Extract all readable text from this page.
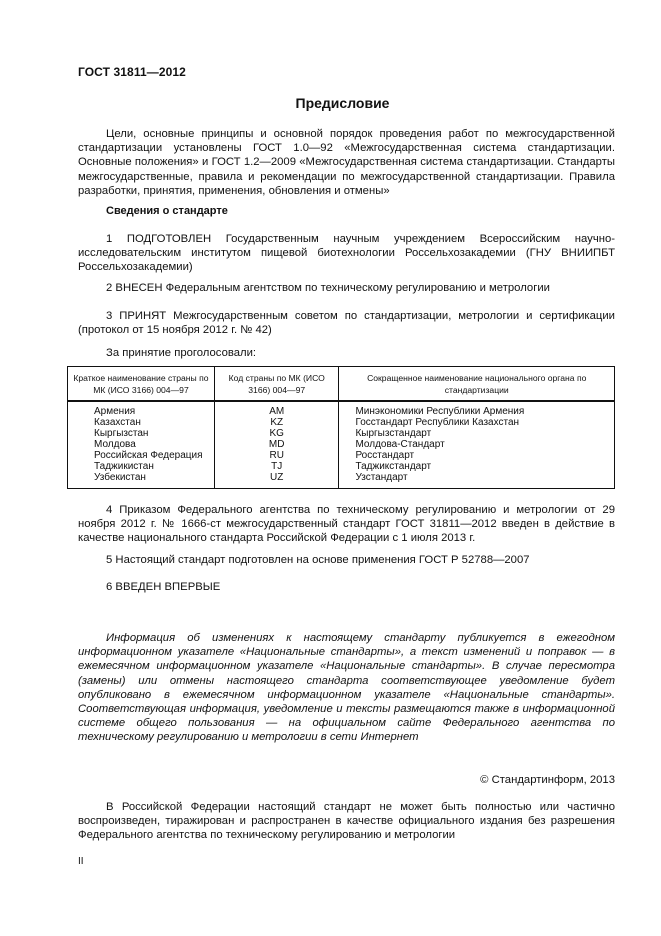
ГОСТ 31811—2012
Предисловие
Цели, основные принципы и основной порядок проведения работ по межгосударственной стандартизации установлены ГОСТ 1.0—92 «Межгосударственная система стандартизации. Основные положения» и ГОСТ 1.2—2009 «Межгосударственная система стандартизации. Стандарты межгосударственные, правила и рекомендации по межгосударственной стандартизации. Правила разработки, принятия, применения, обновления и отмены»
Сведения о стандарте
1 ПОДГОТОВЛЕН Государственным научным учреждением Всероссийским научно-исследовательским институтом пищевой биотехнологии Россельхозакадемии (ГНУ ВНИИПБТ Россельхозакадемии)
2 ВНЕСЕН Федеральным агентством по техническому регулированию и метрологии
3 ПРИНЯТ Межгосударственным советом по стандартизации, метрологии и сертификации (протокол от 15 ноября 2012 г. № 42)
За принятие проголосовали:
Краткое наименование страны по МК (ИСО 3166) 004—97	Код страны по МК (ИСО 3166) 004—97	Сокращенное наименование национального органа по стандартизации
Армения	AM	Минэкономики Республики Армения
Казахстан	KZ	Госстандарт Республики Казахстан
Кыргызстан	KG	Кыргызстандарт
Молдова	MD	Молдова-Стандарт
Российская Федерация	RU	Росстандарт
Таджикистан	TJ	Таджикстандарт
Узбекистан	UZ	Узстандарт
4 Приказом Федерального агентства по техническому регулированию и метрологии от 29 ноября 2012 г. № 1666-ст межгосударственный стандарт ГОСТ 31811—2012 введен в действие в качестве национального стандарта Российской Федерации с 1 июля 2013 г.
5 Настоящий стандарт подготовлен на основе применения ГОСТ Р 52788—2007
6 ВВЕДЕН ВПЕРВЫЕ
Информация об изменениях к настоящему стандарту публикуется в ежегодном информационном указателе «Национальные стандарты», а текст изменений и поправок — в ежемесячном информационном указателе «Национальные стандарты». В случае пересмотра (замены) или отмены настоящего стандарта соответствующее уведомление будет опубликовано в ежемесячном информационном указателе «Национальные стандарты». Соответствующая информация, уведомление и тексты размещаются также в информационной системе общего пользования — на официальном сайте Федерального агентства по техническому регулированию и метрологии в сети Интернет
© Стандартинформ, 2013
В Российской Федерации настоящий стандарт не может быть полностью или частично воспроизведен, тиражирован и распространен в качестве официального издания без разрешения Федерального агентства по техническому регулированию и метрологии
II
